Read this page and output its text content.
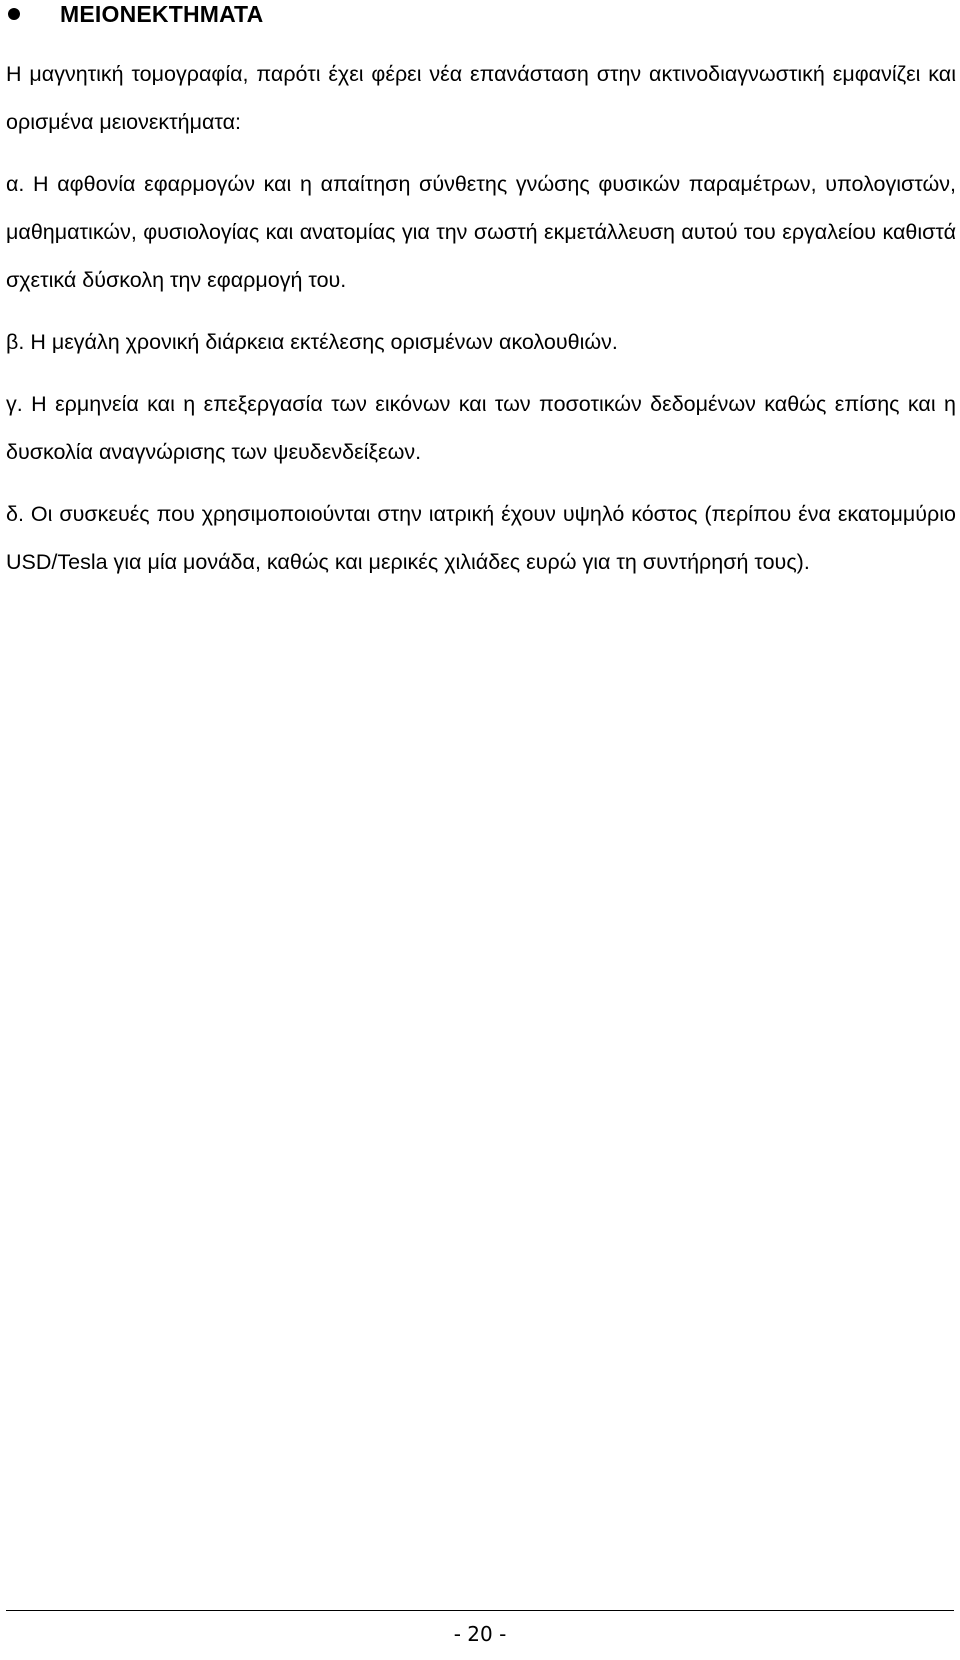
ΜΕΙΟΝΕΚΤΗΜΑΤΑ

Η μαγνητική τομογραφία, παρότι έχει φέρει νέα επανάσταση στην ακτινοδιαγνωστική εμφανίζει και ορισμένα μειονεκτήματα:

α. Η αφθονία εφαρμογών και η απαίτηση σύνθετης γνώσης φυσικών παραμέτρων, υπολογιστών, μαθηματικών, φυσιολογίας και ανατομίας για την σωστή εκμετάλλευση αυτού του εργαλείου καθιστά σχετικά δύσκολη την εφαρμογή του.

β. Η μεγάλη χρονική διάρκεια εκτέλεσης ορισμένων ακολουθιών.

γ. Η ερμηνεία και η επεξεργασία των εικόνων και των ποσοτικών δεδομένων καθώς επίσης και η δυσκολία αναγνώρισης των ψευδενδείξεων.

δ. Οι συσκευές που χρησιμοποιούνται στην ιατρική έχουν υψηλό κόστος (περίπου ένα εκατομμύριο USD/Tesla για μία μονάδα, καθώς και μερικές χιλιάδες ευρώ για τη συντήρησή τους).

- 20 -
